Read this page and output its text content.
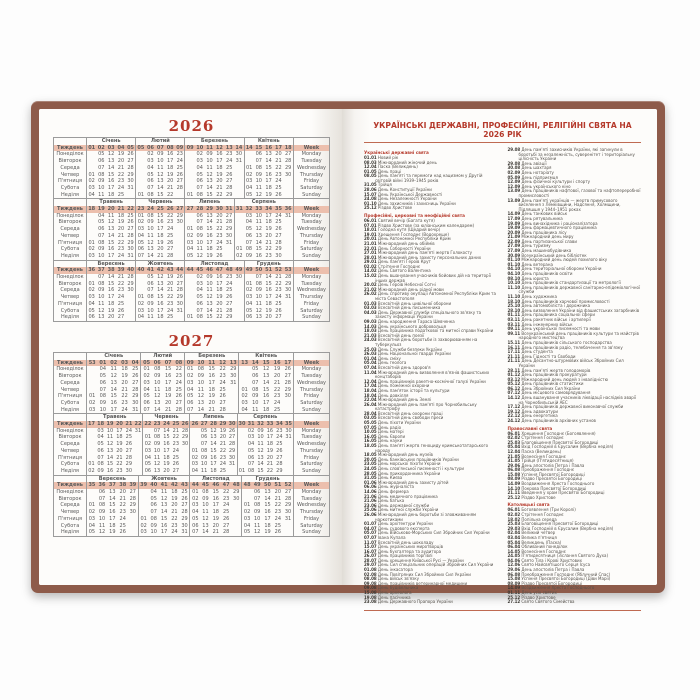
2026
	Січень					Лютий					Березень						Квітень					
Тиждень	01	02	03	04	05	05	06	07	08	09	09	10	11	12	13	14	14	15	16	17	18	Week
Понеділок		05	12	19	26		02	09	16	23		02	09	16	23	30		06	13	20	27	Monday
Вівторок		06	13	20	27		03	10	17	24		03	10	17	24	31		07	14	21	28	Tuesday
Середа		07	14	21	28		04	11	18	25		04	11	18	25		01	08	15	22	29	Wednesday
Четвер	01	08	15	22	29		05	12	19	26		05	12	19	26		02	09	16	23	30	Thursday
П'ятниця	02	09	16	23	30		06	13	20	27		06	13	20	27		03	10	17	24		Friday
Субота	03	10	17	24	31		07	14	21	28		07	14	21	28		04	11	18	25		Saturday
Неділя	04	11	18	25		01	08	15	22		01	08	15	22	29		05	12	19	26		Sunday
	Травень					Червень					Липень					Серпень						
Тиждень	18	19	20	21	22	23	24	25	26	27	27	28	29	30	31	31	32	33	34	35	36	Week
Понеділок		04	11	18	25	01	08	15	22	29		06	13	20	27		03	10	17	24	31	Monday
Вівторок		05	12	19	26	02	09	16	23	30		07	14	21	28		04	11	18	25		Tuesday
Середа		06	13	20	27	03	10	17	24		01	08	15	22	29		05	12	19	26		Wednesday
Четвер		07	14	21	28	04	11	18	25		02	09	16	23	30		06	13	20	27		Thursday
П'ятниця	01	08	15	22	29	05	12	19	26		03	10	17	24	31		07	14	21	28		Friday
Субота	02	09	16	23	30	06	13	20	27		04	11	18	25		01	08	15	22	29		Saturday
Неділя	03	10	17	24	31	07	14	21	28		05	12	19	26		02	09	16	23	30		Sunday
	Вересень					Жовтень					Листопад						Грудень					
Тиждень	36	37	38	39	40	40	41	42	43	44	44	45	46	47	48	49	49	50	51	52	53	Week
Понеділок		07	14	21	28		05	12	19	26		02	09	16	23	30		07	14	21	28	Monday
Вівторок	01	08	15	22	29		06	13	20	27		03	10	17	24		01	08	15	22	29	Tuesday
Середа	02	09	16	23	30		07	14	21	28		04	11	18	25		02	09	16	23	30	Wednesday
Четвер	03	10	17	24		01	08	15	22	29		05	12	19	26		03	10	17	24	31	Thursday
П'ятниця	04	11	18	25		02	09	16	23	30		06	13	20	27		04	11	18	25		Friday
Субота	05	12	19	26		03	10	17	24	31		07	14	21	28		05	12	19	26		Saturday
Неділя	06	13	20	27		04	11	18	25		01	08	15	22	29		06	13	20	27		Sunday
2027
	Січень					Лютий				Березень					Квітень					
Тиждень	53	01	02	03	04	05	06	07	08	09	10	11	12	13	13	14	15	16	17	Week
Понеділок		04	11	18	25	01	08	15	22	01	08	15	22	29		05	12	19	26	Monday
Вівторок		05	12	19	26	02	09	16	23	02	09	16	23	30		06	13	20	27	Tuesday
Середа		06	13	20	27	03	10	17	24	03	10	17	24	31		07	14	21	28	Wednesday
Четвер		07	14	21	28	04	11	18	25	04	11	18	25		01	08	15	22	29	Thursday
П'ятниця	01	08	15	22	29	05	12	19	26	05	12	19	26		02	09	16	23	30	Friday
Субота	02	09	16	23	30	06	13	20	27	06	13	20	27		03	10	17	24		Saturday
Неділя	03	10	17	24	31	07	14	21	28	07	14	21	28		04	11	18	25		Sunday
	Травень						Червень					Липень					Серпень						
Тиждень	17	18	19	20	21	22	22	23	24	25	26	26	27	28	29	30	30	31	32	33	34	35	Week
Понеділок		03	10	17	24	31		07	14	21	28		05	12	19	26		02	09	16	23	30	Monday
Вівторок		04	11	18	25		01	08	15	22	29		06	13	20	27		03	10	17	24	31	Tuesday
Середа		05	12	19	26		02	09	16	23	30		07	14	21	28		04	11	18	25		Wednesday
Четвер		06	13	20	27		03	10	17	24		01	08	15	22	29		05	12	19	26		Thursday
П'ятниця		07	14	21	28		04	11	18	25		02	09	16	23	30		06	13	20	27		Friday
Субота	01	08	15	22	29		05	12	19	26		03	10	17	24	31		07	14	21	28		Saturday
Неділя	02	09	16	23	30		06	13	20	27		04	11	18	25		01	08	15	22	29		Sunday
	Вересень					Жовтень					Листопад					Грудень					
Тиждень	35	36	37	38	39	39	40	41	42	43	44	45	46	47	48	48	49	50	51	52	Week
Понеділок		06	13	20	27		04	11	18	25	01	08	15	22	29		06	13	20	27	Monday
Вівторок		07	14	21	28		05	12	19	26	02	09	16	23	30		07	14	21	28	Tuesday
Середа	01	08	15	22	29		06	13	20	27	03	10	17	24		01	08	15	22	29	Wednesday
Четвер	02	09	16	23	30		07	14	21	28	04	11	18	25		02	09	16	23	30	Thursday
П'ятниця	03	10	17	24		01	08	15	22	29	05	12	19	26		03	10	17	24	31	Friday
Субота	04	11	18	25		02	09	16	23	30	06	13	20	27		04	11	18	25		Saturday
Неділя	05	12	19	26		03	10	17	24	31	07	14	21	28		05	12	19	26		Sunday
УКРАЇНСЬКІ ДЕРЖАВНІ, ПРОФЕСІЙНІ, РЕЛІГІЙНІ СВЯТА НА 2026 РІК
Українські державні свята
01.01 Новий рік
08.03 Міжнародний жіночий день
12.04 Паска (Великдень)
01.05 День праці
08.05 День пам'яті та перемоги над нацизмом у Другій світовій війні 1939–1945 років
31.05 Трійця
28.06 День Конституції України
15.07 День Української Державності
24.08 День Незалежності України
01.10 День захисників і захисниць України
25.12 Різдво Христове
Професійні, церковні та неофіційні свята
06.01 Святий вечір (Багата кутя)
07.01 Різдво Христове (за юліанським календарем)
18.01 Голодна кутя (Щедрий вечір)
19.01 Хрещення Господнє (Водохреще)
20.01 День Автономної Республіки Крим
21.01 Міжнародний день обіймів
22.01 День Соборності України
27.01 Міжнародний день пам'яті жертв Голокосту
28.01 Міжнародний день захисту персональних даних
29.01 День пам'яті Героїв Крут
02.02 Стрітення Господнє
14.02 День Святого Валентина
15.02 День вшанування учасників бойових дій на території інших держав
20.02 День Героїв Небесної Сотні
21.02 Міжнародний день рідної мови
26.02 День спротиву окупації Автономної Республіки Крим та міста Севастополя
01.03 Всесвітній день цивільної оборони
03.03 Всесвітній день письменника
04.03 День Державної служби спеціального зв'язку та захисту інформації України
09.03 День народження Тараса Шевченка
14.03 День українського добровольця
18.03 День працівника податкової та митної справи України
21.03 Всесвітній день поезії
24.03 Всесвітній день боротьби із захворюванням на туберкульоз
25.03 День Служби безпеки України
26.03 День Національної гвардії України
01.04 День сміху
05.04 День геолога
07.04 Всесвітній день здоров'я
11.04 Міжнародний день визволення в'язнів фашистських концтаборів
12.04 День працівників ракетно-космічної галузі України
17.04 День пожежної охорони
18.04 День пам'яток історії та культури
18.04 День довкілля
22.04 Міжнародний день Землі
26.04 Міжнародний день пам'яті про Чорнобильську катастрофу
28.04 Всесвітній день охорони праці
03.05 Всесвітній день свободи преси
05.05 День піхоти України
07.05 День радіо
10.05 День матері
16.05 День Європи
16.05 День науки
18.05 День пам'яті жертв геноциду кримськотатарського народу
18.05 Міжнародний день музеїв
20.05 День банківських працівників України
23.05 День морської піхоти України
24.05 День слов'янської писемності і культури
28.05 День прикордонника України
31.05 День Києва
01.06 Міжнародний день захисту дітей
06.06 День журналіста
14.06 День фермера
21.06 День медичного працівника
21.06 День батька
23.06 День державної служби
25.06 День митної служби України
26.06 Міжнародний день боротьби зі зловживанням наркотиками
01.07 День архітектури України
04.07 День судового експерта
05.07 День Військово-Морських Сил Збройних Сил України
07.07 Івана Купала
11.07 Всесвітній день шоколаду
15.07 День українських миротворців
16.07 День бухгалтера та аудитора
26.07 День працівників торгівлі
28.07 День хрещення Київської Русі — України
29.07 День Сил спеціальних операцій Збройних Сил України
01.08 День інкасатора
02.08 День Повітряних Сил Збройних Сил України
08.08 День військ зв'язку
09.08 День працівників ветеринарної медицини
09.08 День будівельника
15.08 День археолога
19.08 День пасічника
23.08 День Державного Прапора України
29.08 День пам'яті захисників України, які загинули в боротьбі за незалежність, суверенітет і територіальну цілісність України
29.08 День авіації
30.08 День шахтаря
02.09 День нотаріату
05.09 День підприємця
12.09 День фізичної культури і спорту
12.09 День українського кіно
13.09 День працівників нафтової, газової та нафтопереробної промисловості
13.09 День пам'яті українців — жертв примусового виселення з Лемківщини, Надсяння, Холмщини, Підляшшя у 1944–1951 роках
14.09 День танкових військ
17.09 День рятувальника
19.09 День винахідника і раціоналізатора
19.09 День фармацевтичного працівника
20.09 День працівника лісу
21.09 Міжнародний день миру
22.09 День партизанської слави
27.09 День туризму
27.09 День машинобудівника
30.09 Всеукраїнський день бібліотек
01.10 Міжнародний день людей похилого віку
01.10 День ветерана
04.10 День територіальної оборони України
04.10 День працівників освіти
08.10 День юриста
10.10 День працівників стандартизації та метрології
11.10 День працівників державної санітарно-епідеміологічної служби
11.10 День художника
18.10 День працівників харчової промисловості
25.10 День автомобіліста і дорожника
28.10 День визволення України від фашистських загарбників
01.11 День працівника соціальної сфери
03.11 День ракетних військ і артилерії
03.11 День інженерних військ
09.11 День української писемності та мови
09.11 Всеукраїнський день працівників культури та майстрів народного мистецтва
15.11 День працівників сільського господарства
16.11 День працівників радіо, телебачення та зв'язку
17.11 День студента
21.11 День Гідності та Свободи
21.11 День Десантно-штурмових військ Збройних Сил України
28.11 День пам'яті жертв голодоморів
01.12 День працівників прокуратури
03.12 Міжнародний день людей з інвалідністю
05.12 День працівників статистики
06.12 День Збройних Сил України
07.12 День місцевого самоврядування
14.12 День вшанування учасників ліквідації наслідків аварії на Чорнобильській АЕС
17.12 День працівників державної виконавчої служби
19.12 День адвокатури
22.12 День енергетика
24.12 День працівників архівних установ
Православні свята
06.01 Хрещення Господнє (Богоявлення)
02.02 Стрітення Господнє
25.03 Благовіщення Пресвятої Богородиці
05.04 Вхід Господній в Єрусалим (Вербна неділя)
12.04 Паска (Великдень)
21.05 Вознесіння Господнє
31.05 Трійця (П'ятидесятниця)
29.06 День апостолів Петра і Павла
06.08 Преображення Господнє
15.08 Успіння Пресвятої Богородиці
08.09 Різдво Пресвятої Богородиці
14.09 Воздвиження Хреста Господнього
14.10 Покрова Пресвятої Богородиці
21.11 Введення у храм Пресвятої Богородиці
25.12 Різдво Христове
Католицькі свята
06.01 Богоявлення (Три Королі)
02.02 Стрітення Господнє
18.02 Попільна середа
25.03 Благовіщення Пресвятої Богородиці
29.03 Вхід Господній в Єрусалим (Вербна неділя)
02.04 Великий четвер
03.04 Велика п'ятниця
05.04 Великдень (Паска)
06.04 Обливаний понеділок
14.05 Вознесіння Господнє
24.05 П'ятидесятниця (Зіслання Святого Духа)
04.06 Свято Тіла і Крові Христових
12.06 Свято Найсвятішого Серця Ісуса
29.06 День апостолів Петра і Павла
06.08 Преображення Господнє (Яблучний Спас)
15.08 Успіння Пресвятої Богородиці (Діви Марії)
08.09 Різдво Пресвятої Богородиці
14.09 Воздвиження Хреста Господнього
01.11 День усіх святих
25.12 Різдво Христове
27.12 Свято Святого Сімейства
